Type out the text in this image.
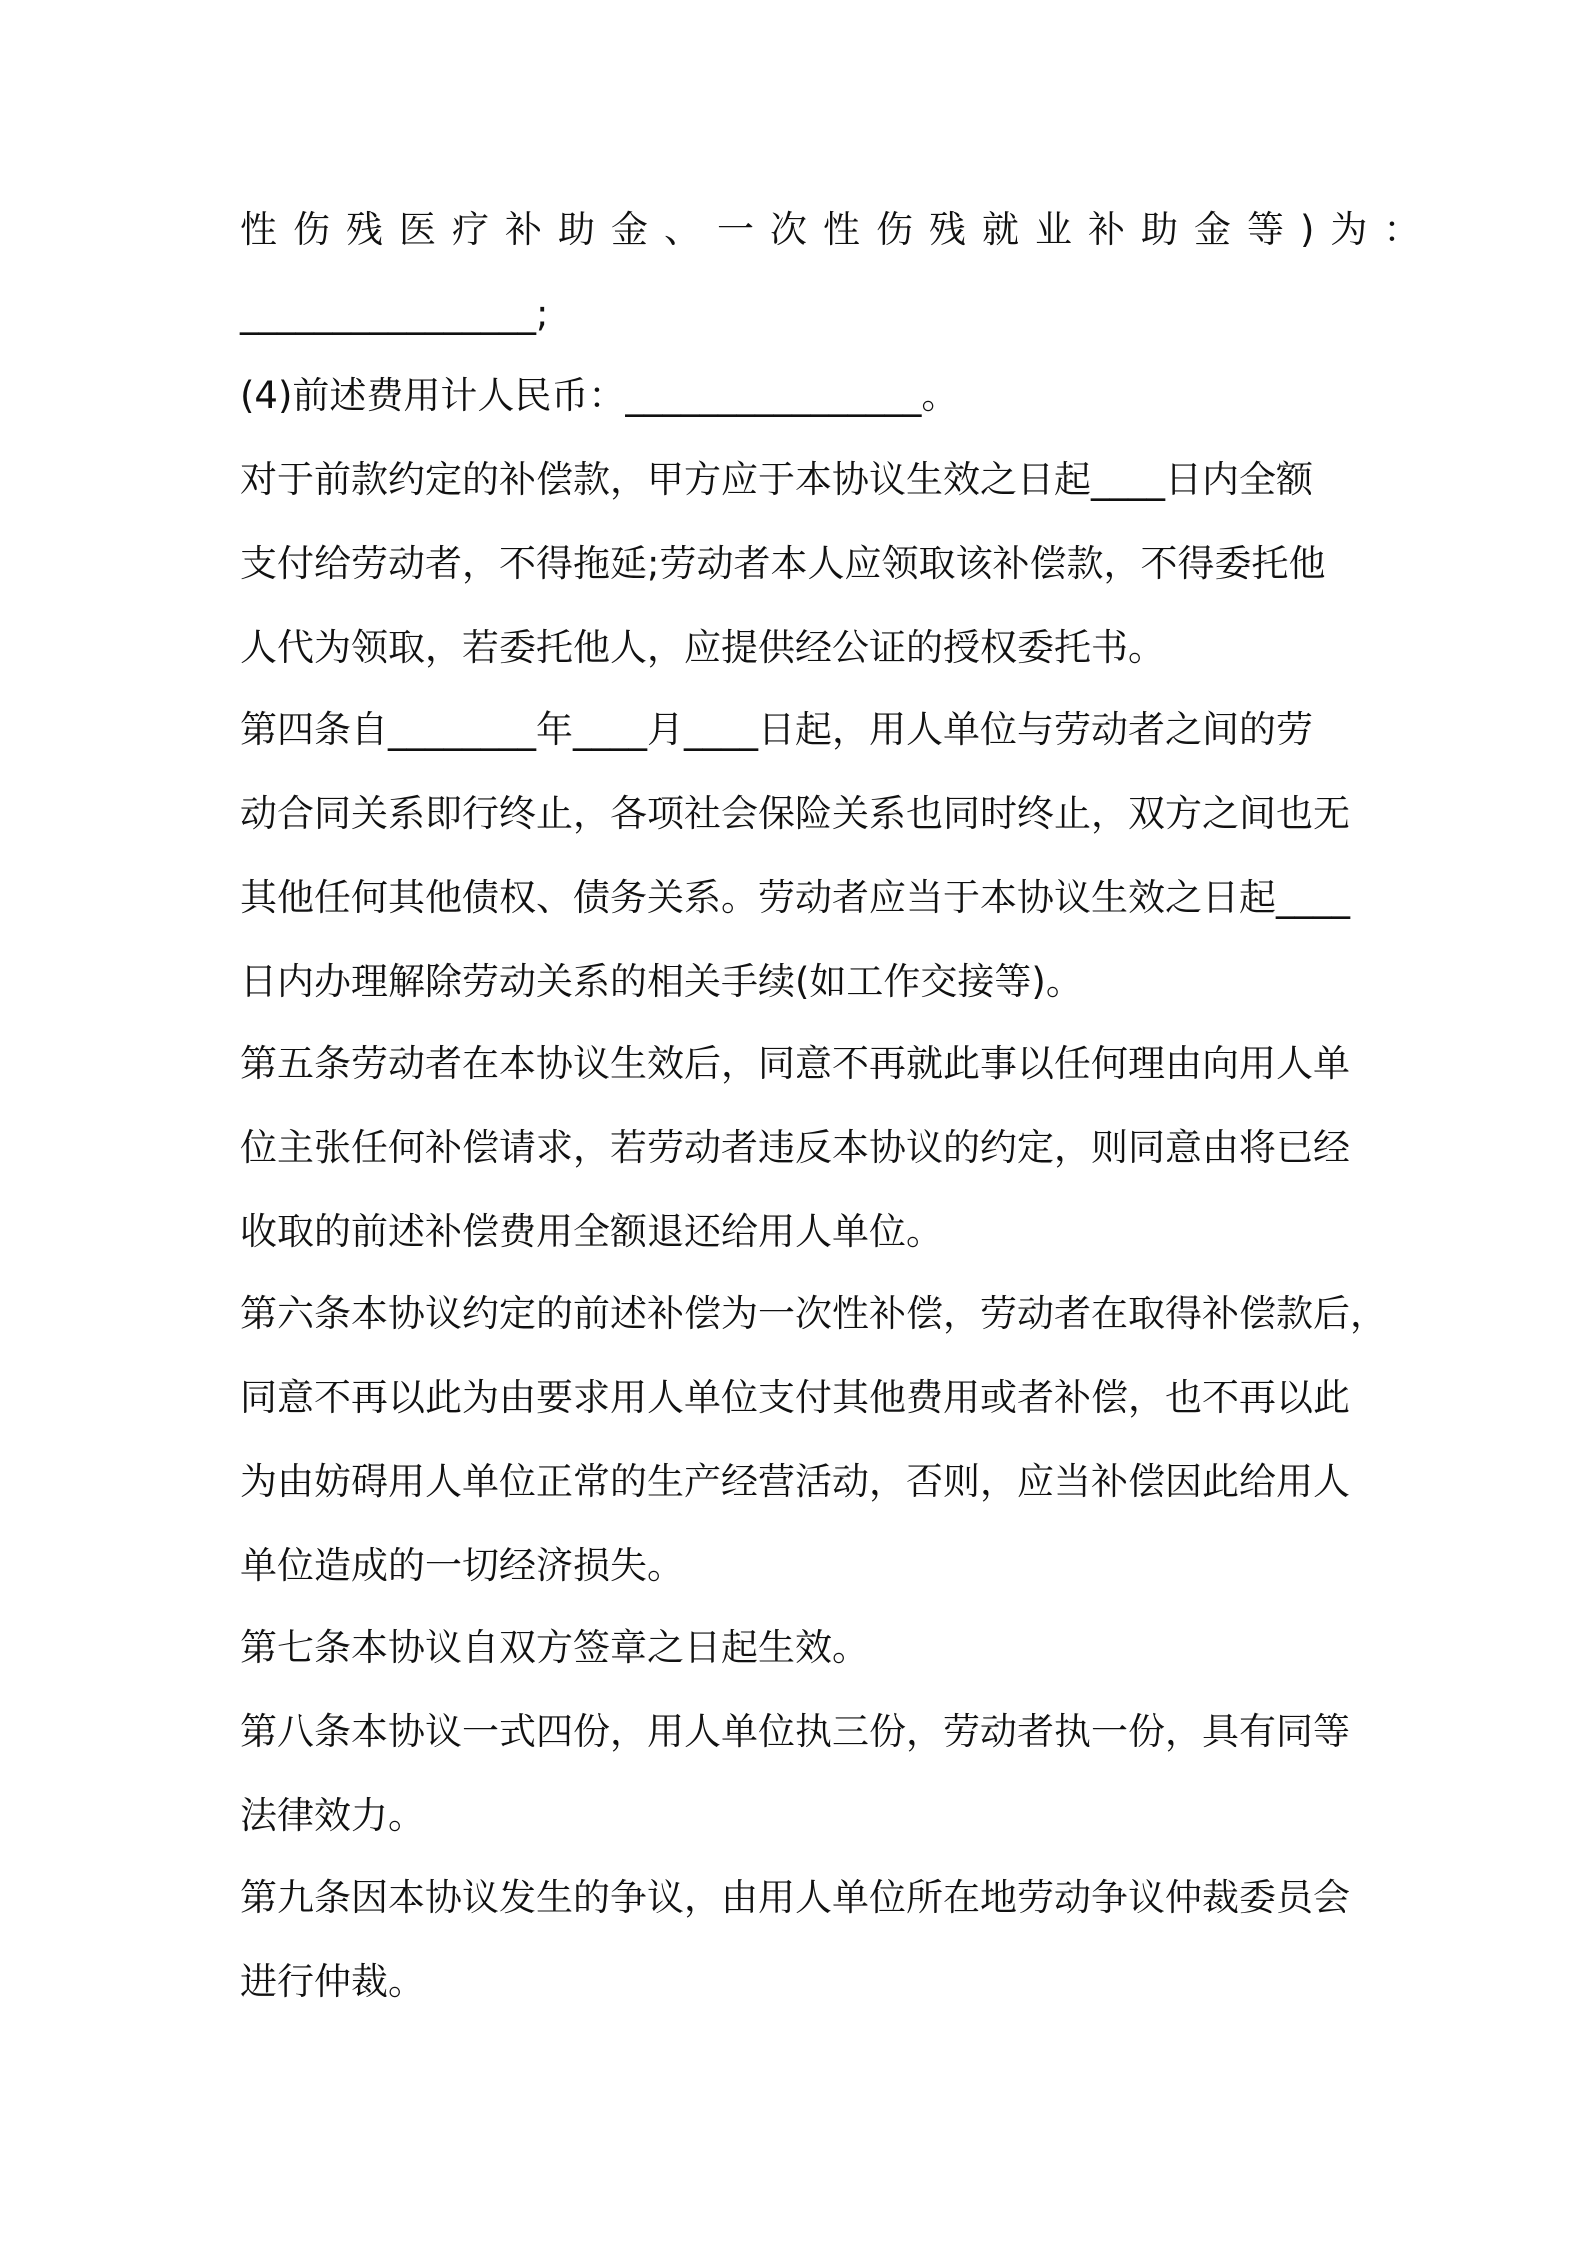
性伤残医疗补助金、一次性伤残就业补助金等)为：
________________;
(4)前述费用计人民币：________________。
对于前款约定的补偿款，甲方应于本协议生效之日起____日内全额
支付给劳动者，不得拖延;劳动者本人应领取该补偿款，不得委托他
人代为领取，若委托他人，应提供经公证的授权委托书。
第四条自________年____月____日起，用人单位与劳动者之间的劳
动合同关系即行终止，各项社会保险关系也同时终止，双方之间也无
其他任何其他债权、债务关系。劳动者应当于本协议生效之日起____
日内办理解除劳动关系的相关手续(如工作交接等)。
第五条劳动者在本协议生效后，同意不再就此事以任何理由向用人单
位主张任何补偿请求，若劳动者违反本协议的约定，则同意由将已经
收取的前述补偿费用全额退还给用人单位。
第六条本协议约定的前述补偿为一次性补偿，劳动者在取得补偿款后，
同意不再以此为由要求用人单位支付其他费用或者补偿，也不再以此
为由妨碍用人单位正常的生产经营活动，否则，应当补偿因此给用人
单位造成的一切经济损失。
第七条本协议自双方签章之日起生效。
第八条本协议一式四份，用人单位执三份，劳动者执一份，具有同等
法律效力。
第九条因本协议发生的争议，由用人单位所在地劳动争议仲裁委员会
进行仲裁。
